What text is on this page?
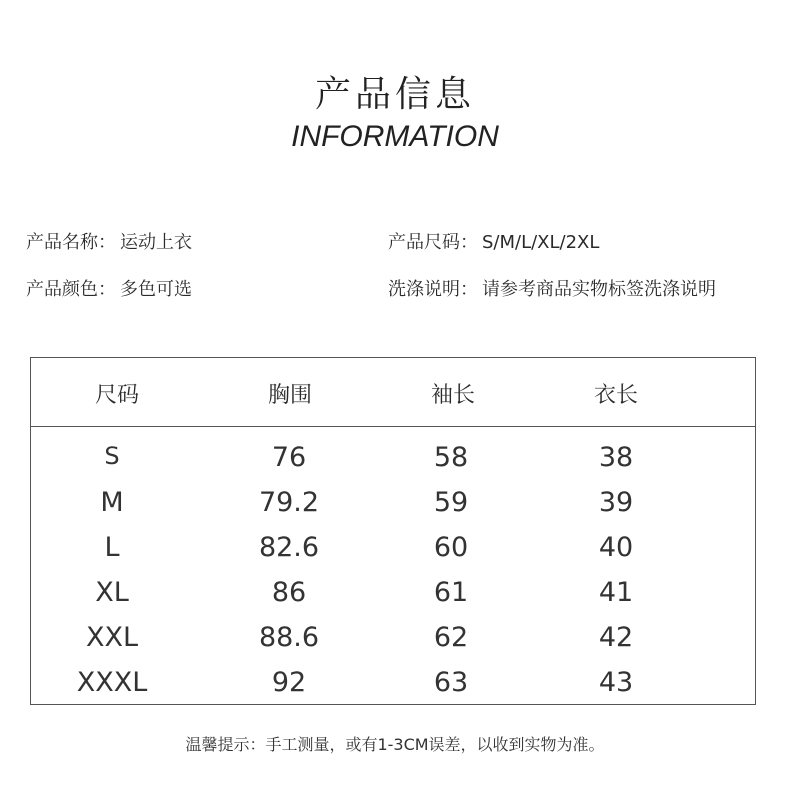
产品信息
INFORMATION
产品名称： 运动上衣	产品尺码： S/M/L/XL/2XL
产品颜色： 多色可选	洗涤说明： 请参考商品实物标签洗涤说明
尺码	胸围	袖长	衣长
S	76	58	38
M	79.2	59	39
L	82.6	60	40
XL	86	61	41
XXL	88.6	62	42
XXXL	92	63	43
温馨提示：手工测量，或有1-3CM误差，以收到实物为准。
